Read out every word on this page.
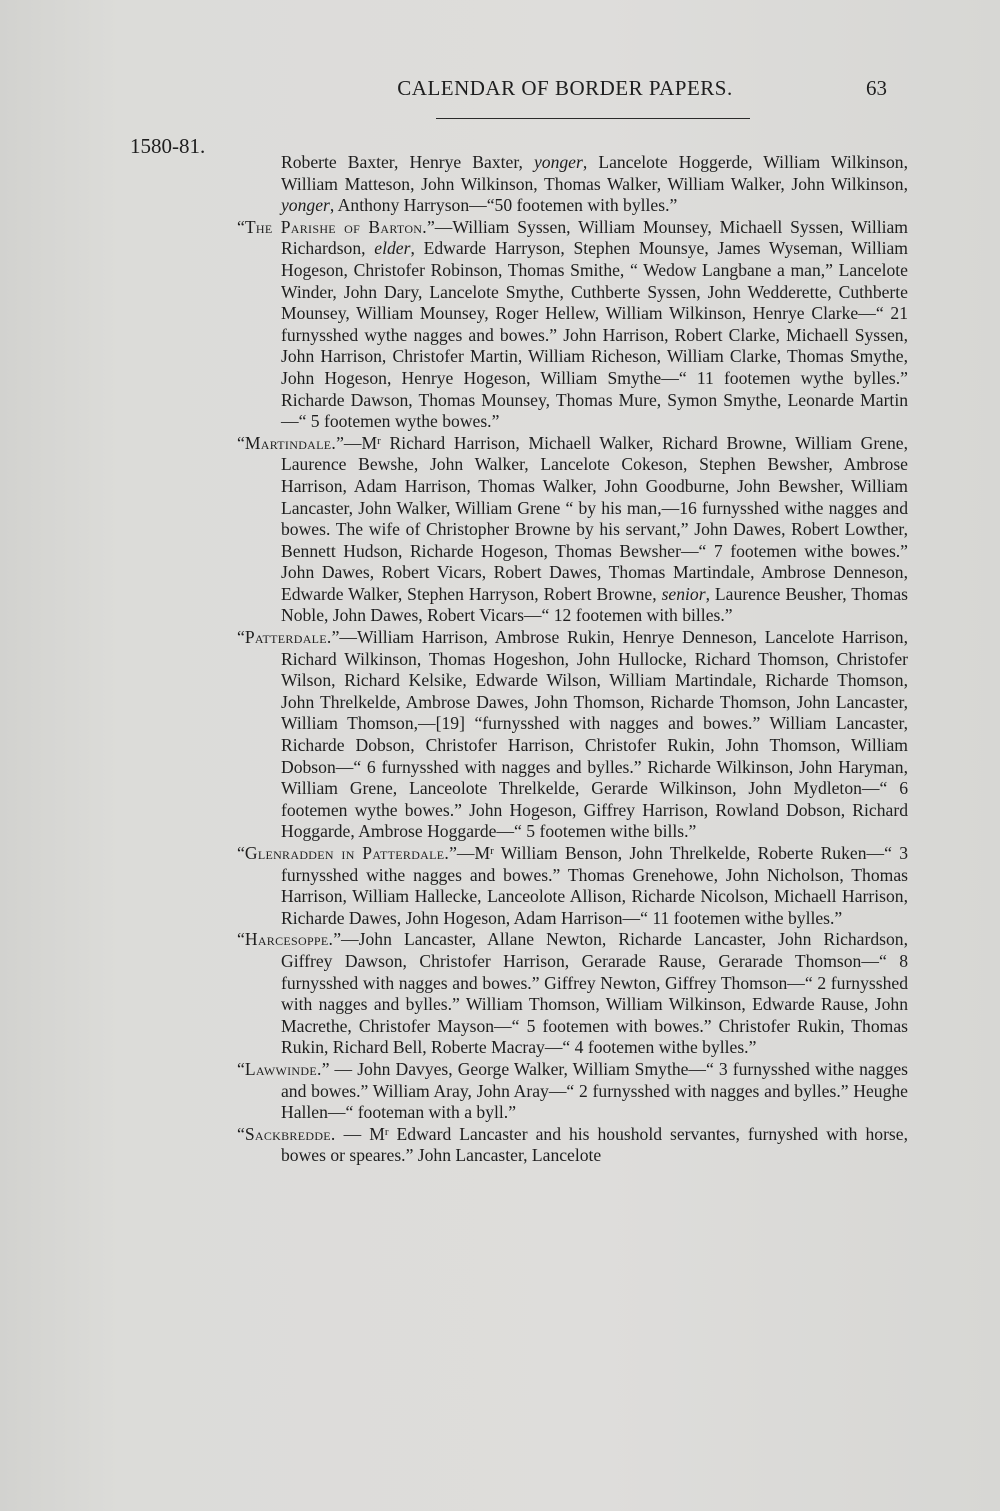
CALENDAR OF BORDER PAPERS.	63
1580-81.

Roberte Baxter, Henrye Baxter, yonger, Lancelote Hoggerde, William Wilkinson, William Matteson, John Wilkinson, Thomas Walker, William Walker, John Wilkinson, yonger, Anthony Harryson—“50 footemen with bylles.”

“The Parishe of Barton.”—William Syssen, William Mounsey, Michaell Syssen, William Richardson, elder, Edwarde Harryson, Stephen Mounsye, James Wyseman, William Hogeson, Christofer Robinson, Thomas Smithe, “ Wedow Langbane a man,” Lancelote Winder, John Dary, Lancelote Smythe, Cuthberte Syssen, John Wedderette, Cuthberte Mounsey, William Mounsey, Roger Hellew, William Wilkinson, Henrye Clarke—“ 21 furnysshed wythe nagges and bowes.” John Harrison, Robert Clarke, Michaell Syssen, John Harrison, Christofer Martin, William Richeson, William Clarke, Thomas Smythe, John Hogeson, Henrye Hogeson, William Smythe—“ 11 footemen wythe bylles.” Richarde Dawson, Thomas Mounsey, Thomas Mure, Symon Smythe, Leonarde Martin—“ 5 footemen wythe bowes.”

“$Martindale.”—M^r$ Richard Harrison, Michaell Walker, Richard Browne, William Grene, Laurence Bewshe, John Walker, Lancelote Cokeson, Stephen Bewsher, Ambrose Harrison, Adam Harrison, Thomas Walker, John Goodburne, John Bewsher, William Lancaster, John Walker, William Grene “ by his man,—16 furnysshed withe nagges and bowes. The wife of Christopher Browne by his servant,” John Dawes, Robert Lowther, Bennett Hudson, Richarde Hogeson, Thomas Bewsher—“ 7 footemen withe bowes.” John Dawes, Robert Vicars, Robert Dawes, Thomas Martindale, Ambrose Denneson, Edwarde Walker, Stephen Harryson, Robert Browne, senior, Laurence Beusher, Thomas Noble, John Dawes, Robert Vicars—“ 12 footemen with billes.”

“Patterdale.”—William Harrison, Ambrose Rukin, Henrye Denneson, Lancelote Harrison, Richard Wilkinson, Thomas Hogeshon, John Hullocke, Richard Thomson, Christofer Wilson, Richard Kelsike, Edwarde Wilson, William Martindale, Richarde Thomson, John Threlkelde, Ambrose Dawes, John Thomson, Richarde Thomson, John Lancaster, William Thomson,—[19] “furnysshed with nagges and bowes.” William Lancaster, Richarde Dobson, Christofer Harrison, Christofer Rukin, John Thomson, William Dobson—“ 6 furnysshed with nagges and bylles.” Richarde Wilkinson, John Haryman, William Grene, Lanceolote Threlkelde, Gerarde Wilkinson, John Mydleton—“ 6 footemen wythe bowes.” John Hogeson, Giffrey Harrison, Rowland Dobson, Richard Hoggarde, Ambrose Hoggarde—“ 5 footemen withe bills.”

“Glenradden in $Patterdale.”—M^r$ William Benson, John Threlkelde, Roberte Ruken—“ 3 furnysshed withe nagges and bowes.” Thomas Grenehowe, John Nicholson, Thomas Harrison, William Hallecke, Lanceolote Allison, Richarde Nicolson, Michaell Harrison, Richarde Dawes, John Hogeson, Adam Harrison—“ 11 footemen withe bylles.”

“Harcesoppe.”—John Lancaster, Allane Newton, Richarde Lancaster, John Richardson, Giffrey Dawson, Christofer Harrison, Gerarade Rause, Gerarade Thomson—“ 8 furnysshed with nagges and bowes.” Giffrey Newton, Giffrey Thomson—“ 2 furnysshed with nagges and bylles.” William Thomson, William Wilkinson, Edwarde Rause, John Macrethe, Christofer Mayson—“ 5 footemen with bowes.” Christofer Rukin, Thomas Rukin, Richard Bell, Roberte Macray—“ 4 footemen withe bylles.”

“Lawwinde.” — John Davyes, George Walker, William Smythe—“ 3 furnysshed withe nagges and bowes.” William Aray, John Aray—“ 2 furnysshed with nagges and bylles.” Heughe Hallen—“ footeman with a byll.”

“Sackbredde. — $M^r$ Edward Lancaster and his houshold servantes, furnyshed with horse, bowes or speares.” John Lancaster, Lancelote
